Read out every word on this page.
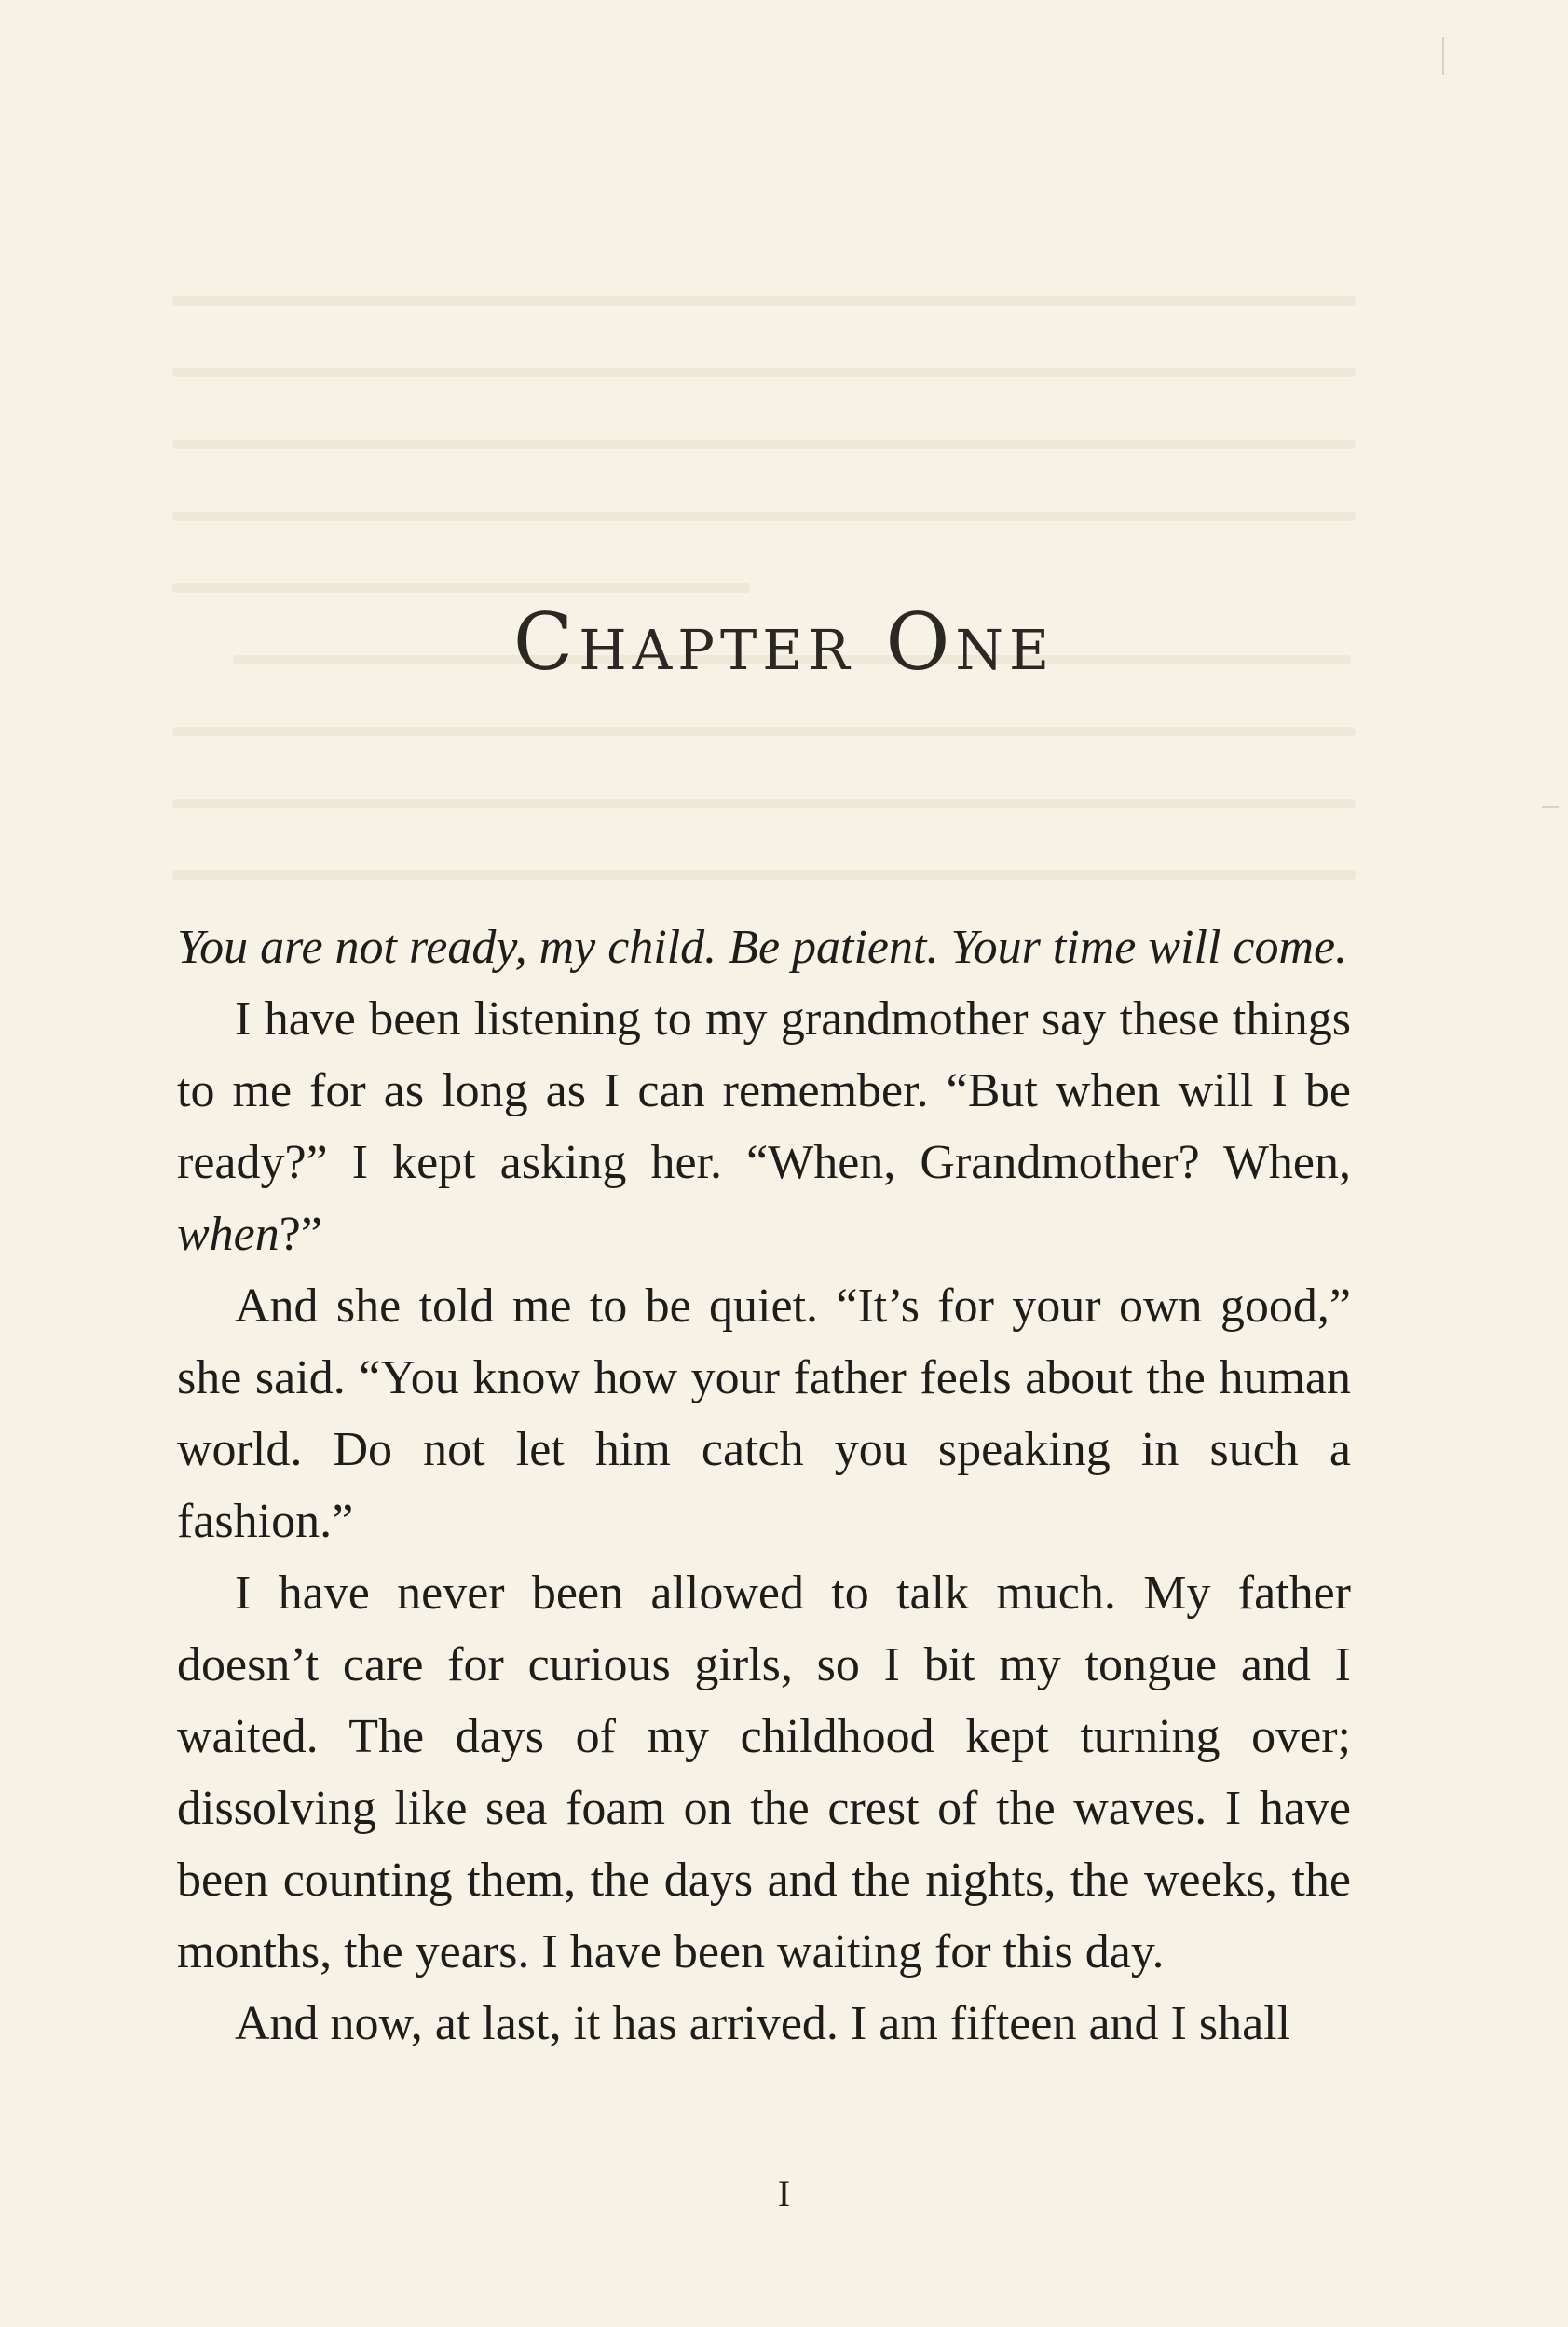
Chapter One

You are not ready, my child. Be patient. Your time will come.

I have been listening to my grandmother say these things to me for as long as I can remember. “But when will I be ready?” I kept asking her. “When, Grandmother? When, when?”

And she told me to be quiet. “It’s for your own good,” she said. “You know how your father feels about the human world. Do not let him catch you speaking in such a fashion.”

I have never been allowed to talk much. My father doesn’t care for curious girls, so I bit my tongue and I waited. The days of my childhood kept turning over; dissolving like sea foam on the crest of the waves. I have been counting them, the days and the nights, the weeks, the months, the years. I have been waiting for this day.

And now, at last, it has arrived. I am fifteen and I shall

I
